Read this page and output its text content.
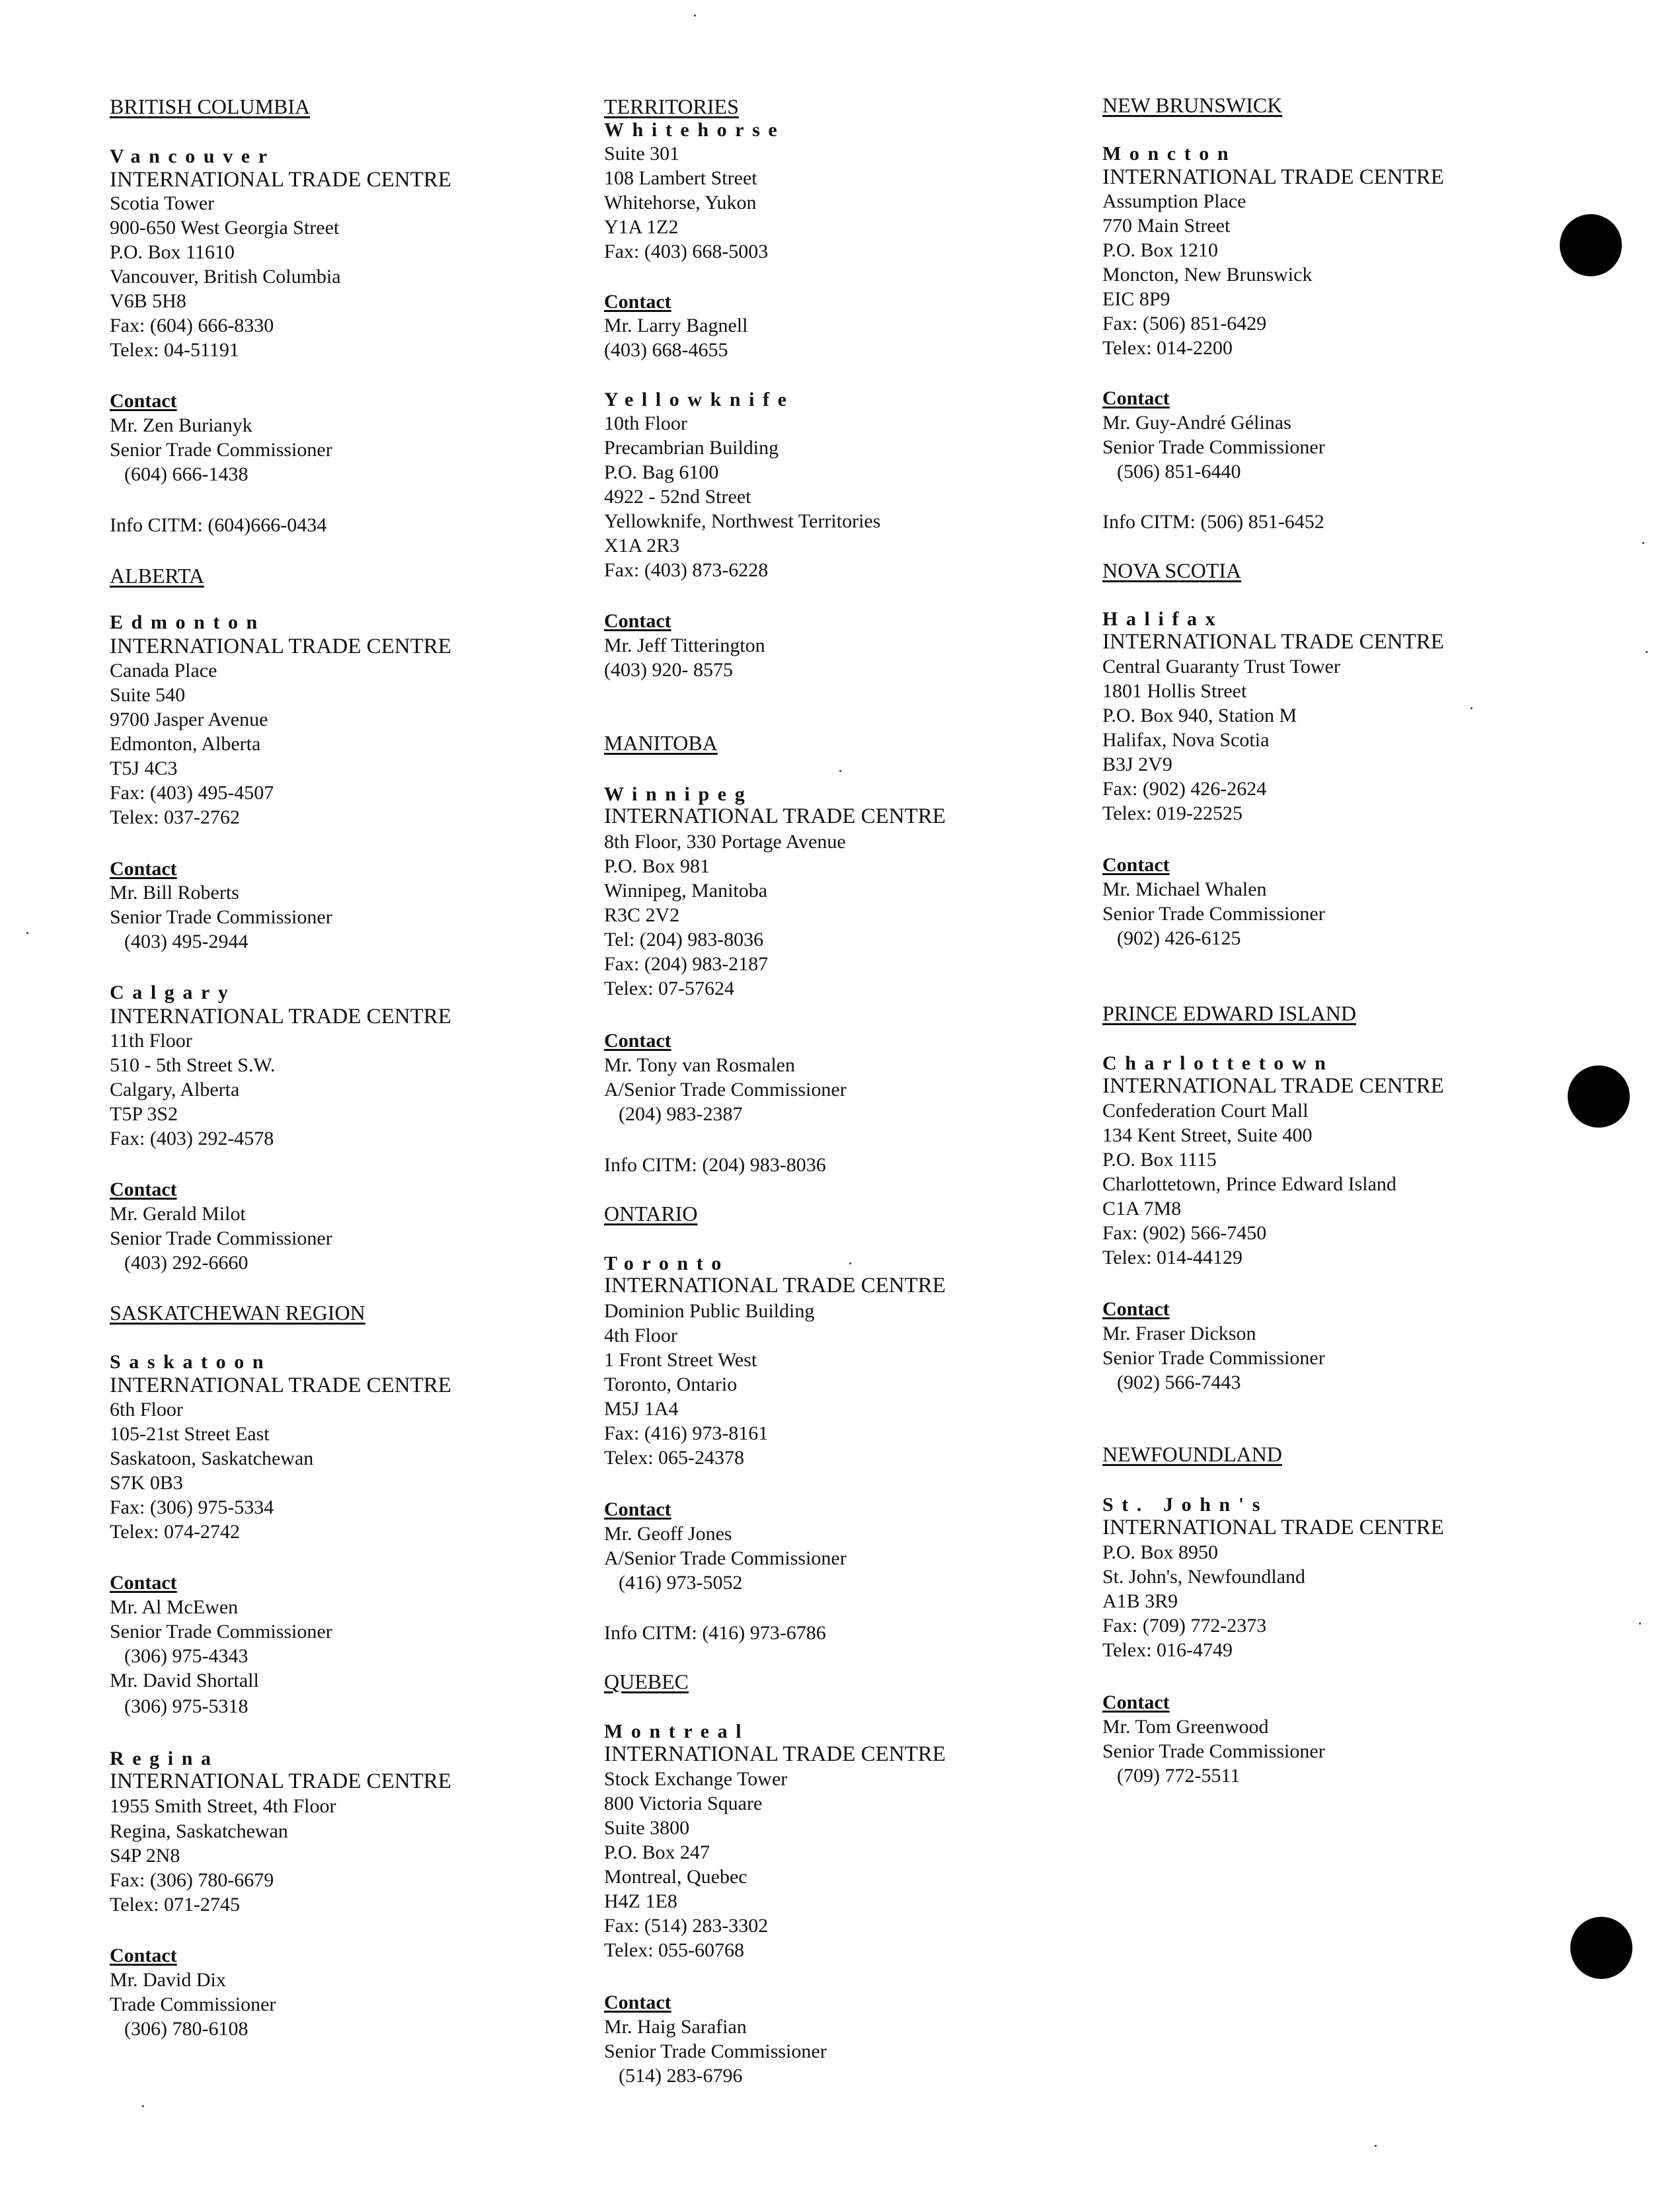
BRITISH COLUMBIA
Vancouver
INTERNATIONAL TRADE CENTRE
Scotia Tower
900-650 West Georgia Street
P.O. Box 11610
Vancouver, British Columbia
V6B 5H8
Fax: (604) 666-8330
Telex: 04-51191
Contact
Mr. Zen Burianyk
Senior Trade Commissioner
(604) 666-1438
Info CITM: (604)666-0434
ALBERTA
Edmonton
INTERNATIONAL TRADE CENTRE
Canada Place
Suite 540
9700 Jasper Avenue
Edmonton, Alberta
T5J 4C3
Fax: (403) 495-4507
Telex: 037-2762
Contact
Mr. Bill Roberts
Senior Trade Commissioner
(403) 495-2944
Calgary
INTERNATIONAL TRADE CENTRE
11th Floor
510 - 5th Street S.W.
Calgary, Alberta
T5P 3S2
Fax: (403) 292-4578
Contact
Mr. Gerald Milot
Senior Trade Commissioner
(403) 292-6660
SASKATCHEWAN REGION
Saskatoon
INTERNATIONAL TRADE CENTRE
6th Floor
105-21st Street East
Saskatoon, Saskatchewan
S7K 0B3
Fax: (306) 975-5334
Telex: 074-2742
Contact
Mr. Al McEwen
Senior Trade Commissioner
(306) 975-4343
Mr. David Shortall
(306) 975-5318
Regina
INTERNATIONAL TRADE CENTRE
1955 Smith Street, 4th Floor
Regina, Saskatchewan
S4P 2N8
Fax: (306) 780-6679
Telex: 071-2745
Contact
Mr. David Dix
Trade Commissioner
(306) 780-6108
TERRITORIES
Whitehorse
Suite 301
108 Lambert Street
Whitehorse, Yukon
Y1A 1Z2
Fax: (403) 668-5003
Contact
Mr. Larry Bagnell
(403) 668-4655
Yellowknife
10th Floor
Precambrian Building
P.O. Bag 6100
4922 - 52nd Street
Yellowknife, Northwest Territories
X1A 2R3
Fax: (403) 873-6228
Contact
Mr. Jeff Titterington
(403) 920- 8575
MANITOBA
Winnipeg
INTERNATIONAL TRADE CENTRE
8th Floor, 330 Portage Avenue
P.O. Box 981
Winnipeg, Manitoba
R3C 2V2
Tel: (204) 983-8036
Fax: (204) 983-2187
Telex: 07-57624
Contact
Mr. Tony van Rosmalen
A/Senior Trade Commissioner
(204) 983-2387
Info CITM: (204) 983-8036
ONTARIO
Toronto
INTERNATIONAL TRADE CENTRE
Dominion Public Building
4th Floor
1 Front Street West
Toronto, Ontario
M5J 1A4
Fax: (416) 973-8161
Telex: 065-24378
Contact
Mr. Geoff Jones
A/Senior Trade Commissioner
(416) 973-5052
Info CITM: (416) 973-6786
QUEBEC
Montreal
INTERNATIONAL TRADE CENTRE
Stock Exchange Tower
800 Victoria Square
Suite 3800
P.O. Box 247
Montreal, Quebec
H4Z 1E8
Fax: (514) 283-3302
Telex: 055-60768
Contact
Mr. Haig Sarafian
Senior Trade Commissioner
(514) 283-6796
NEW BRUNSWICK
Moncton
INTERNATIONAL TRADE CENTRE
Assumption Place
770 Main Street
P.O. Box 1210
Moncton, New Brunswick
EIC 8P9
Fax: (506) 851-6429
Telex: 014-2200
Contact
Mr. Guy-André Gélinas
Senior Trade Commissioner
(506) 851-6440
Info CITM: (506) 851-6452
NOVA SCOTIA
Halifax
INTERNATIONAL TRADE CENTRE
Central Guaranty Trust Tower
1801 Hollis Street
P.O. Box 940, Station M
Halifax, Nova Scotia
B3J 2V9
Fax: (902) 426-2624
Telex: 019-22525
Contact
Mr. Michael Whalen
Senior Trade Commissioner
(902) 426-6125
PRINCE EDWARD ISLAND
Charlottetown
INTERNATIONAL TRADE CENTRE
Confederation Court Mall
134 Kent Street, Suite 400
P.O. Box 1115
Charlottetown, Prince Edward Island
C1A 7M8
Fax: (902) 566-7450
Telex: 014-44129
Contact
Mr. Fraser Dickson
Senior Trade Commissioner
(902) 566-7443
NEWFOUNDLAND
St. John's
INTERNATIONAL TRADE CENTRE
P.O. Box 8950
St. John's, Newfoundland
A1B 3R9
Fax: (709) 772-2373
Telex: 016-4749
Contact
Mr. Tom Greenwood
Senior Trade Commissioner
(709) 772-5511
